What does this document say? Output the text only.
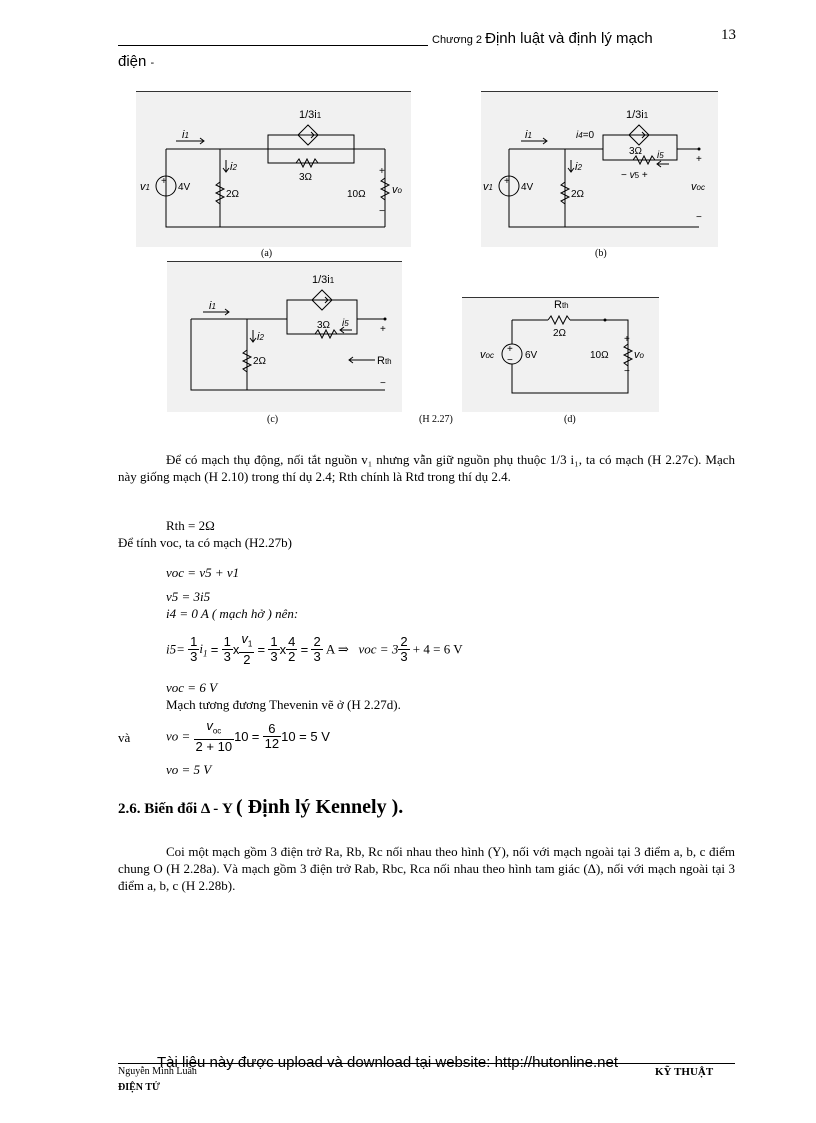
Chương 2 Định luật và định lý mạch	13
điện -
1/3i1
i1
i2
3Ω
2Ω	10Ω
+
4V
v1
+
vo
−
(a)
1/3i1
i1	i4=0
i2
3Ω i5
− v5 +
2Ω
+
4V
v1
+
voc
−
(b)
1/3i1
i1
i2
3Ω i5
2Ω
+
Rth
−
(c)	(H 2.27)
Rth
2Ω
+
− 6V
voc	10Ω
+
vo
−
(d)
Để có mạch thụ động, nối tắt nguồn v₁ nhưng vẫn giữ nguồn phụ thuộc 1/3 i₁, ta có mạch (H 2.27c). Mạch này giống mạch (H 2.10) trong thí dụ 2.4; Rth chính là Rtđ trong thí dụ 2.4.
Rth = 2Ω
Để tính voc, ta có mạch (H2.27b)
voc = v5 + v1
v5 = 3i5
i4 = 0 A ( mạch hở ) nên:
$i5= \frac{1}{3} i_1 = \frac{1}{3}$ x $\frac{v_1}{2} = \frac{1}{3}$ x $\frac{4}{2} = \frac{2}{3}$ A ⇒ voc = $3 \frac{2}{3} + 4 = 6$ V
voc = 6 V
Mạch tương đương Thevenin vẽ ở (H 2.27d).
và	vo = $\frac{v_{oc}}{2 + 10} 10 = \frac{6}{12} 10 = 5$ V
vo = 5 V
2.6. Biến đổi Δ - Y ( Định lý Kennely ).
Coi một mạch gồm 3 điện trở Ra, Rb, Rc nối nhau theo hình (Y), nối với mạch ngoài tại 3 điểm a, b, c điểm chung O (H 2.28a). Và mạch gồm 3 điện trở Rab, Rbc, Rca nối nhau theo hình tam giác (Δ), nối với mạch ngoài tại 3 điểm a, b, c (H 2.28b).
Nguyễn Minh Luân
ĐIỆN TỬ
KỸ THUẬT
Tài liệu này được upload và download tại website: http://hutonline.net
